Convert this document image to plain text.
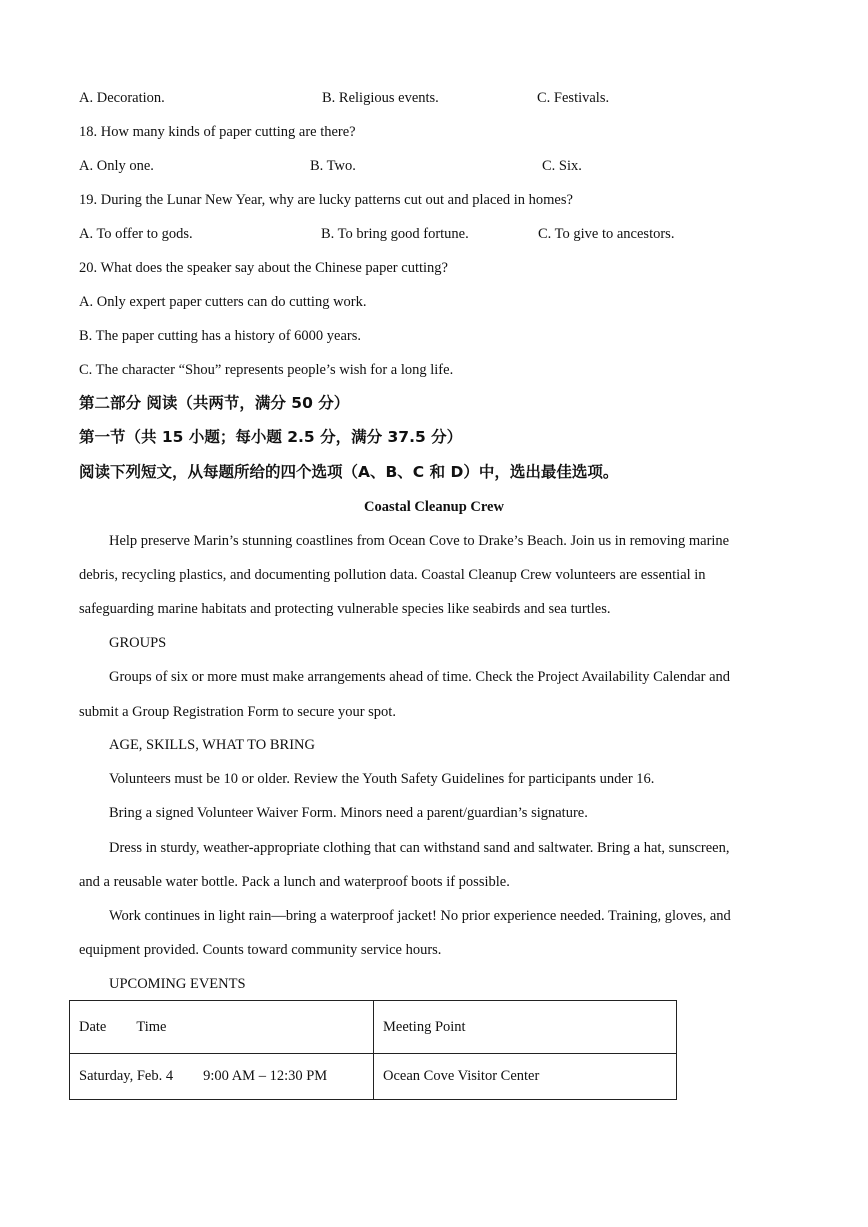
A. Decoration.	B. Religious events.	C. Festivals.
18. How many kinds of paper cutting are there?
A. Only one.	B. Two.	C. Six.
19. During the Lunar New Year, why are lucky patterns cut out and placed in homes?
A. To offer to gods.	B. To bring good fortune.	C. To give to ancestors.
20. What does the speaker say about the Chinese paper cutting?
A. Only expert paper cutters can do cutting work.
B. The paper cutting has a history of 6000 years.
C. The character “Shou” represents people’s wish for a long life.
第二部分 阅读（共两节，满分 50 分）
第一节（共 15 小题；每小题 2.5 分，满分 37.5 分）
阅读下列短文，从每题所给的四个选项（A、B、C 和 D）中，选出最佳选项。
Coastal Cleanup Crew
Help preserve Marin’s stunning coastlines from Ocean Cove to Drake’s Beach. Join us in removing marine
debris, recycling plastics, and documenting pollution data. Coastal Cleanup Crew volunteers are essential in
safeguarding marine habitats and protecting vulnerable species like seabirds and sea turtles.
GROUPS
Groups of six or more must make arrangements ahead of time. Check the Project Availability Calendar and
submit a Group Registration Form to secure your spot.
AGE, SKILLS, WHAT TO BRING
Volunteers must be 10 or older. Review the Youth Safety Guidelines for participants under 16.
Bring a signed Volunteer Waiver Form. Minors need a parent/guardian’s signature.
Dress in sturdy, weather-appropriate clothing that can withstand sand and saltwater. Bring a hat, sunscreen,
and a reusable water bottle. Pack a lunch and waterproof boots if possible.
Work continues in light rain—bring a waterproof jacket! No prior experience needed. Training, gloves, and
equipment provided. Counts toward community service hours.
UPCOMING EVENTS
Date Time	Meeting Point
Saturday, Feb. 4 9:00 AM – 12:30 PM	Ocean Cove Visitor Center
